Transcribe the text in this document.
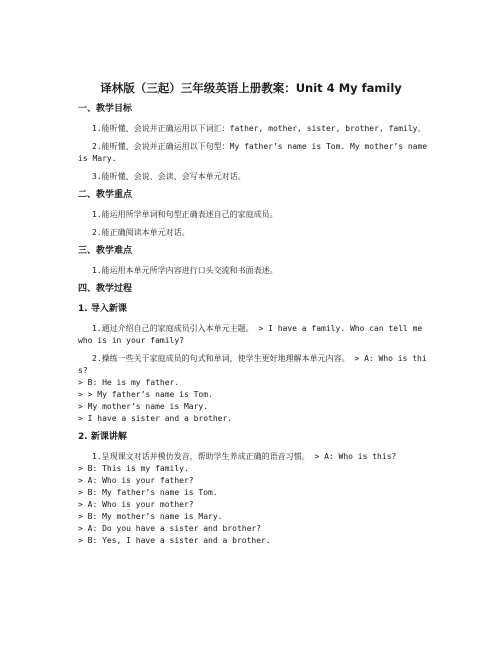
译林版（三起）三年级英语上册教案：Unit 4 My family
一、教学目标
1.能听懂、会说并正确运用以下词汇：father, mother, sister, brother, family。
2.能听懂、会说并正确运用以下句型：My father’s name is Tom. My mother’s name is Mary.
3.能听懂、会说、会读、会写本单元对话。
二、教学重点
1.能运用所学单词和句型正确表述自己的家庭成员。
2.能正确阅读本单元对话。
三、教学难点
1.能运用本单元所学内容进行口头交流和书面表述。
四、教学过程
1. 导入新课
1.通过介绍自己的家庭成员引入本单元主题。 > I have a family. Who can tell me who is in your family?
2.操练一些关于家庭成员的句式和单词，使学生更好地理解本单元内容。 > A: Who is this?
> B: He is my father.
> > My father’s name is Tom.
> My mother’s name is Mary.
> I have a sister and a brother.
2. 新课讲解
1.呈现课文对话并模仿发音，帮助学生养成正确的语音习惯。 > A: Who is this?
> B: This is my family.
> A: Who is your father?
> B: My father’s name is Tom.
> A: Who is your mother?
> B: My mother’s name is Mary.
> A: Do you have a sister and brother?
> B: Yes, I have a sister and a brother.
